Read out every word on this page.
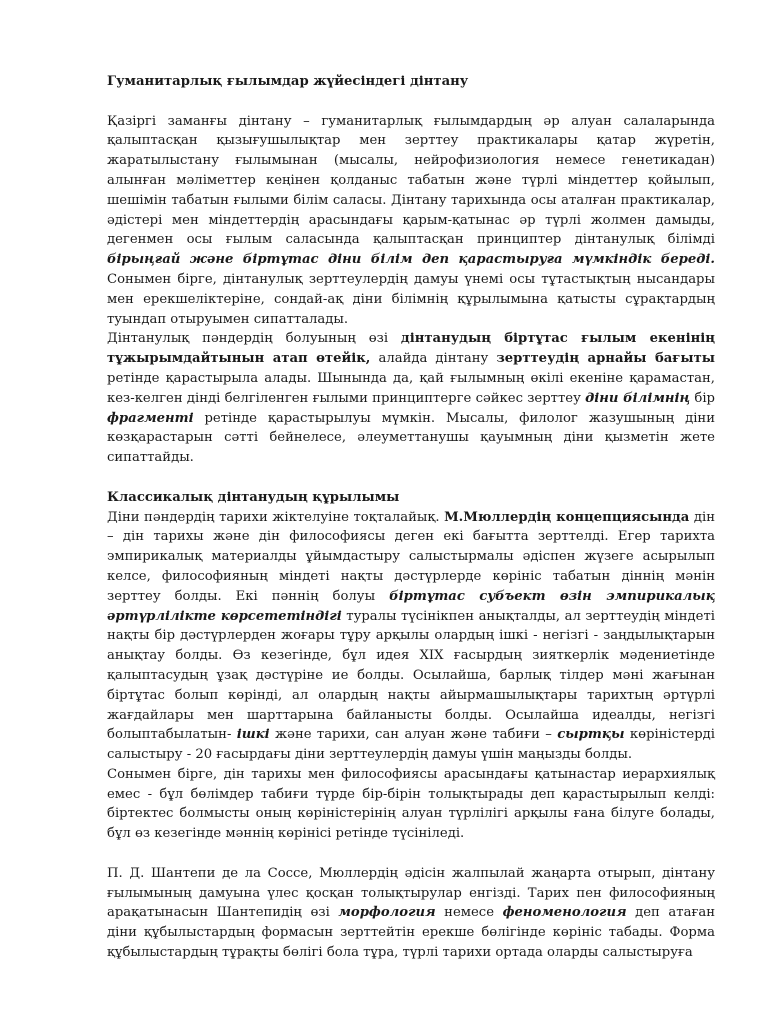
Гуманитарлық ғылымдар жүйесіндегі дінтану

Қазіргі заманғы дінтану – гуманитарлық ғылымдардың әр алуан салаларында қалыптасқан қызығушылықтар мен зерттеу практикалары қатар жүретін, жаратылыстану ғылымынан (мысалы, нейрофизиология немесе генетикадан) алынған мәліметтер кеңінен қолданыс табатын және түрлі міндеттер қойылып, шешімін табатын ғылыми білім саласы. Дінтану тарихында осы аталған практикалар, әдістері мен міндеттердің арасындағы қарым-қатынас әр түрлі жолмен дамыды, дегенмен осы ғылым саласында қалыптасқан принциптер дінтанулық білімді бірыңғай және біртұтас діни білім деп қарастыруға мүмкіндік береді. Сонымен бірге, дінтанулық зерттеулердің дамуы үнемі осы тұтастықтың нысандары мен ерекшеліктеріне, сондай-ақ діни білімнің құрылымына қатысты сұрақтардың туындап отыруымен сипатталады.

Дінтанулық пәндердің болуының өзі дінтанудың біртұтас ғылым екенінің тұжырымдайтынын атап өтейік, алайда дінтану зерттеудің арнайы бағыты ретінде қарастырыла алады. Шынында да, қай ғылымның өкілі екеніне қарамастан, кез-келген дінді белгіленген ғылыми принциптерге сәйкес зерттеу діни білімнің бір фрагменті ретінде қарастырылуы мүмкін. Мысалы, филолог жазушының діни көзқарастарын сәтті бейнелесе, әлеуметтанушы қауымның діни қызметін жете сипаттайды.

Классикалық дінтанудың құрылымы

Діни пәндердің тарихи жіктелуіне тоқталайық. М.Мюллердің концепциясында дін – дін тарихы және дін философиясы деген екі бағытта зерттелді. Егер тарихта эмпирикалық материалды ұйымдастыру салыстырмалы әдіспен жүзеге асырылып келсе, философияның міндеті нақты дәстүрлерде көрініс табатын діннің мәнін зерттеу болды. Екі пәннің болуы біртұтас субъект өзін эмпирикалық әртүрлілікте көрсететіндігі туралы түсінікпен анықталды, ал зерттеудің міндеті нақты бір дәстүрлерден жоғары тұру арқылы олардың ішкі - негізгі - заңдылықтарын анықтау болды. Өз кезегінде, бұл идея XIX ғасырдың зияткерлік мәдениетінде қалыптасудың ұзақ дәстүріне ие болды. Осылайша, барлық тілдер мәні жағынан біртұтас болып көрінді, ал олардың нақты айырмашылықтары тарихтың әртүрлі жағдайлары мен шарттарына байланысты болды. Осылайша идеалды, негізгі болыптабылатын- ішкі және тарихи, сан алуан және табиғи – сыртқы көріністерді салыстыру - 20 ғасырдағы діни зерттеулердің дамуы үшін маңызды болды.

Сонымен бірге, дін тарихы мен философиясы арасындағы қатынастар иерархиялық емес - бұл бөлімдер табиғи түрде бір-бірін толықтырады деп қарастырылып келді: біртектес болмысты оның көріністерінің алуан түрлілігі арқылы ғана білуге болады, бұл өз кезегінде мәннің көрінісі ретінде түсініледі.

П. Д. Шантепи де ла Соссе, Мюллердің әдісін жалпылай жаңарта отырып, дінтану ғылымының дамуына үлес қосқан толықтырулар енгізді. Тарих пен философияның арақатынасын Шантепидің өзі морфология немесе феноменология деп атаған діни құбылыстардың формасын зерттейтін ерекше бөлігінде көрініс табады. Форма құбылыстардың тұрақты бөлігі бола тұра, түрлі тарихи ортада оларды салыстыруға
